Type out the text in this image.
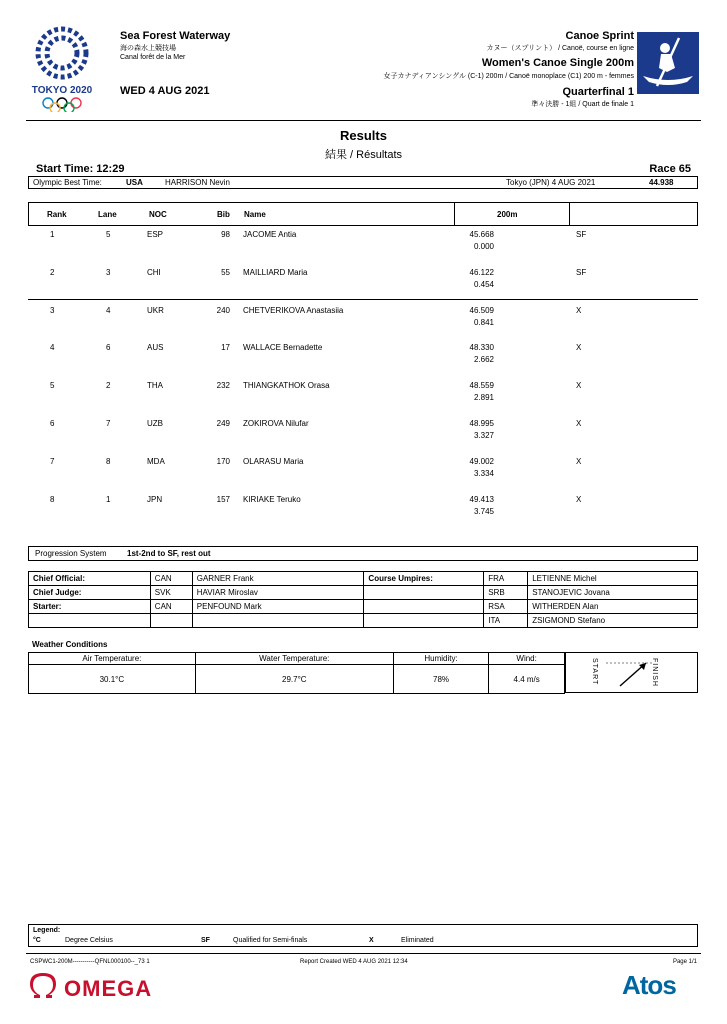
TOKYO 2020
Sea Forest Waterway
海の森水上競技場
Canal forêt de la Mer
WED 4 AUG 2021
Canoe Sprint
カヌー（スプリント） / Canoë, course en ligne
Women's Canoe Single 200m
女子カナディアンシングル (C-1) 200m / Canoë monoplace (C1) 200 m - femmes
Quarterfinal 1
準々決勝 - 1組 / Quart de finale 1
Results
結果 / Résultats
Start Time: 12:29	Race 65
Olympic Best Time:	USA	HARRISON Nevin	Tokyo (JPN) 4 AUG 2021	44.938
Rank	Lane	NOC	Bib Name	200m
1	5	ESP	98 JACOME Antia	45.668	SF
0.000
2	3	CHI	55 MAILLIARD Maria	46.122	SF
0.454
3	4	UKR	240 CHETVERIKOVA Anastasiia	46.509	X
0.841
4	6	AUS	17 WALLACE Bernadette	48.330	X
2.662
5	2	THA	232 THIANGKATHOK Orasa	48.559	X
2.891
6	7	UZB	249 ZOKIROVA Nilufar	48.995	X
3.327
7	8	MDA	170 OLARASU Maria	49.002	X
3.334
8	1	JPN	157 KIRIAKE Teruko	49.413	X
3.745
Progression System	1st-2nd to SF, rest out
Chief Official:	CAN	GARNER Frank	Course Umpires:	FRA	LETIENNE Michel
Chief Judge:	SVK	HAVIAR Miroslav		SRB	STANOJEVIC Jovana
Starter:	CAN	PENFOUND Mark		RSA	WITHERDEN Alan
				ITA	ZSIGMOND Stefano
Weather Conditions
Air Temperature:	Water Temperature:	Humidity:	Wind:
30.1°C	29.7°C	78%	4.4 m/s	START	FINISH
Legend:
°C	Degree Celsius	SF	Qualified for Semi-finals	X	Eliminated
CSPWC1-200M-----------QFNL000100--_73 1	Report Created WED 4 AUG 2021 12:34	Page 1/1
OMEGA	Atos
